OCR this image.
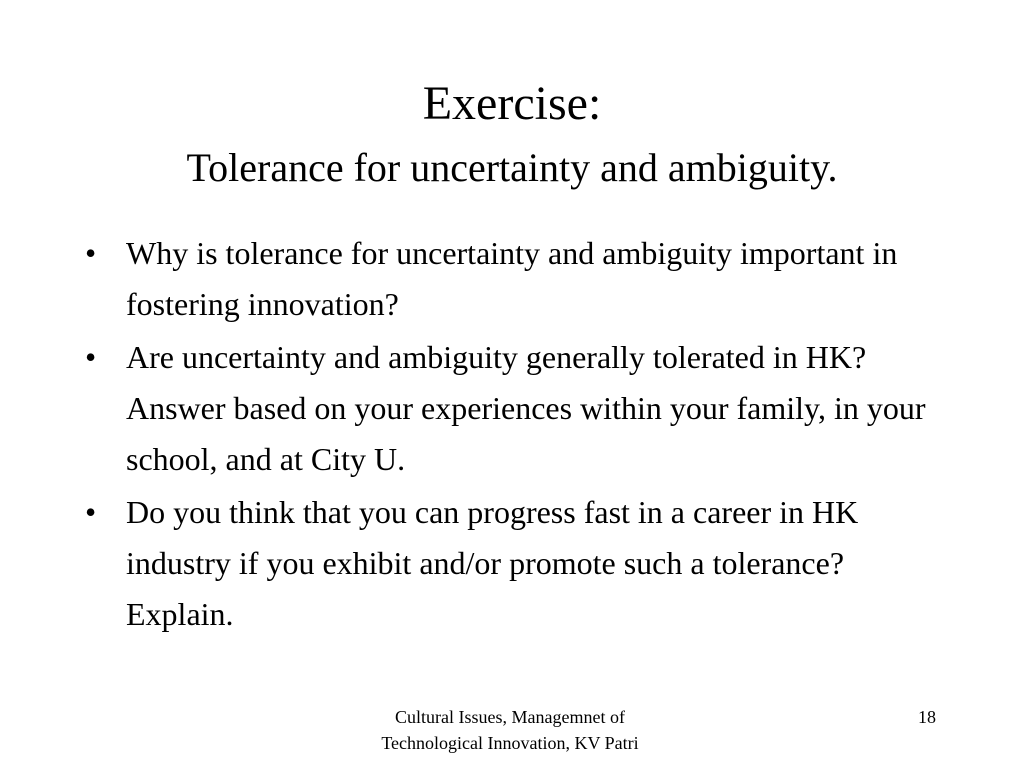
Exercise:
Tolerance for uncertainty and ambiguity.
• Why is tolerance for uncertainty and ambiguity important in fostering innovation?
• Are uncertainty and ambiguity generally tolerated in HK? Answer based on your experiences within your family, in your school, and at City U.
• Do you think that you can progress fast in a career in HK industry if you exhibit and/or promote such a tolerance? Explain.
Cultural Issues, Managemnet of
Technological Innovation, KV Patri
18
